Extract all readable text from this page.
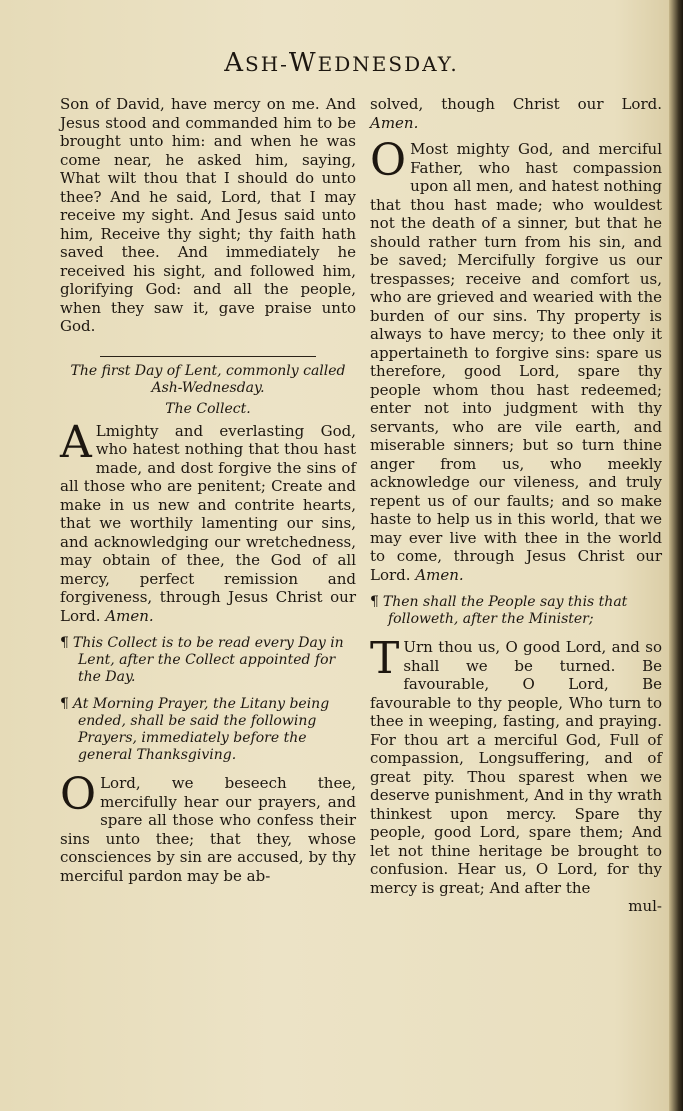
ASH-WEDNESDAY.

Son of David, have mercy on me. And Jesus stood and commanded him to be brought unto him: and when he was come near, he asked him, saying, What wilt thou that I should do unto thee? And he said, Lord, that I may receive my sight. And Jesus said unto him, Receive thy sight; thy faith hath saved thee. And immediately he received his sight, and followed him, glorifying God: and all the people, when they saw it, gave praise unto God.

The first Day of Lent, commonly called Ash-Wednesday.
The Collect.

A Lmighty and everlasting God, who hatest nothing that thou hast made, and dost forgive the sins of all those who are penitent; Create and make in us new and contrite hearts, that we worthily lamenting our sins, and acknowledging our wretchedness, may obtain of thee, the God of all mercy, perfect remission and forgiveness, through Jesus Christ our Lord. Amen.

¶ This Collect is to be read every Day in Lent, after the Collect appointed for the Day.
¶ At Morning Prayer, the Litany being ended, shall be said the following Prayers, immediately before the general Thanksgiving.

O Lord, we beseech thee, mercifully hear our prayers, and spare all those who confess their sins unto thee; that they, whose consciences by sin are accused, by thy merciful pardon may be ab-

solved, though Christ our Lord. Amen.

O Most mighty God, and merciful Father, who hast compassion upon all men, and hatest nothing that thou hast made; who wouldest not the death of a sinner, but that he should rather turn from his sin, and be saved; Mercifully forgive us our trespasses; receive and comfort us, who are grieved and wearied with the burden of our sins. Thy property is always to have mercy; to thee only it appertaineth to forgive sins: spare us therefore, good Lord, spare thy people whom thou hast redeemed; enter not into judgment with thy servants, who are vile earth, and miserable sinners; but so turn thine anger from us, who meekly acknowledge our vileness, and truly repent us of our faults; and so make haste to help us in this world, that we may ever live with thee in the world to come, through Jesus Christ our Lord. Amen.

¶ Then shall the People say this that followeth, after the Minister;

T Urn thou us, O good Lord, and so shall we be turned. Be favourable, O Lord, Be favourable to thy people, Who turn to thee in weeping, fasting, and praying. For thou art a merciful God, Full of compassion, Longsuffering, and of great pity. Thou sparest when we deserve punishment, And in thy wrath thinkest upon mercy. Spare thy people, good Lord, spare them; And let not thine heritage be brought to confusion. Hear us, O Lord, for thy mercy is great; And after the

mul-
